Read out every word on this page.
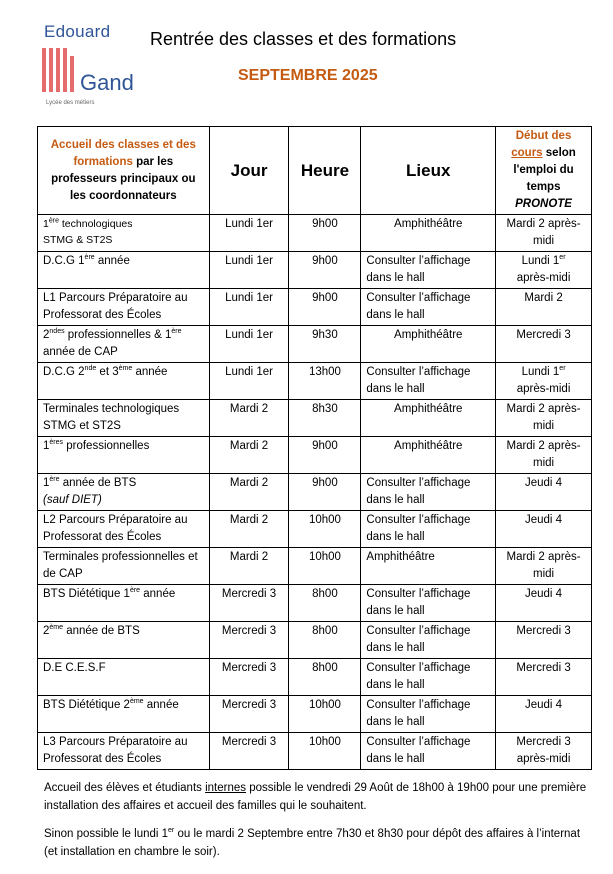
Edouard
Gand
Lycée des métiers
Rentrée des classes et des formations
SEPTEMBRE 2025
Accueil des classes et des formations par les professeurs principaux ou les coordonnateurs	Jour	Heure	Lieux	Début des
cours selon l'emploi du temps
PRONOTE

1ère technologiques
STMG & ST2S	Lundi 1er	9h00	Amphithéâtre	Mardi 2 après-midi
D.C.G 1ère année	Lundi 1er	9h00	Consulter l’affichage dans le hall	Lundi 1er
après-midi
L1 Parcours Préparatoire au Professorat des Écoles	Lundi 1er	9h00	Consulter l’affichage dans le hall	Mardi 2
$2^{ndes}$ professionnelles & 1ère année de CAP	Lundi 1er	9h30	Amphithéâtre	Mercredi 3
D.C.G 2nde et 3ème année	Lundi 1er	13h00	Consulter l’affichage dans le hall	Lundi 1er
après-midi
Terminales technologiques STMG et ST2S	Mardi 2	8h30	Amphithéâtre	Mardi 2 après-midi
1ères professionnelles	Mardi 2	9h00	Amphithéâtre	Mardi 2 après-midi
1ère année de BTS
(sauf DIET)	Mardi 2	9h00	Consulter l’affichage dans le hall	Jeudi 4
L2 Parcours Préparatoire au Professorat des Écoles	Mardi 2	10h00	Consulter l’affichage dans le hall	Jeudi 4
Terminales professionnelles et de CAP	Mardi 2	10h00	Amphithéâtre	Mardi 2 après-midi
BTS Diététique 1ère année	Mercredi 3	8h00	Consulter l’affichage dans le hall	Jeudi 4
2ème année de BTS	Mercredi 3	8h00	Consulter l’affichage dans le hall	Mercredi 3
D.E C.E.S.F	Mercredi 3	8h00	Consulter l’affichage dans le hall	Mercredi 3
BTS Diététique 2ème année	Mercredi 3	10h00	Consulter l’affichage dans le hall	Jeudi 4
L3 Parcours Préparatoire au Professorat des Écoles	Mercredi 3	10h00	Consulter l’affichage dans le hall	Mercredi 3 après-midi
Accueil des élèves et étudiants internes possible le vendredi 29 Août de 18h00 à 19h00 pour une première installation des affaires et accueil des familles qui le souhaitent.
Sinon possible le lundi 1er ou le mardi 2 Septembre entre 7h30 et 8h30 pour dépôt des affaires à l’internat (et installation en chambre le soir).
